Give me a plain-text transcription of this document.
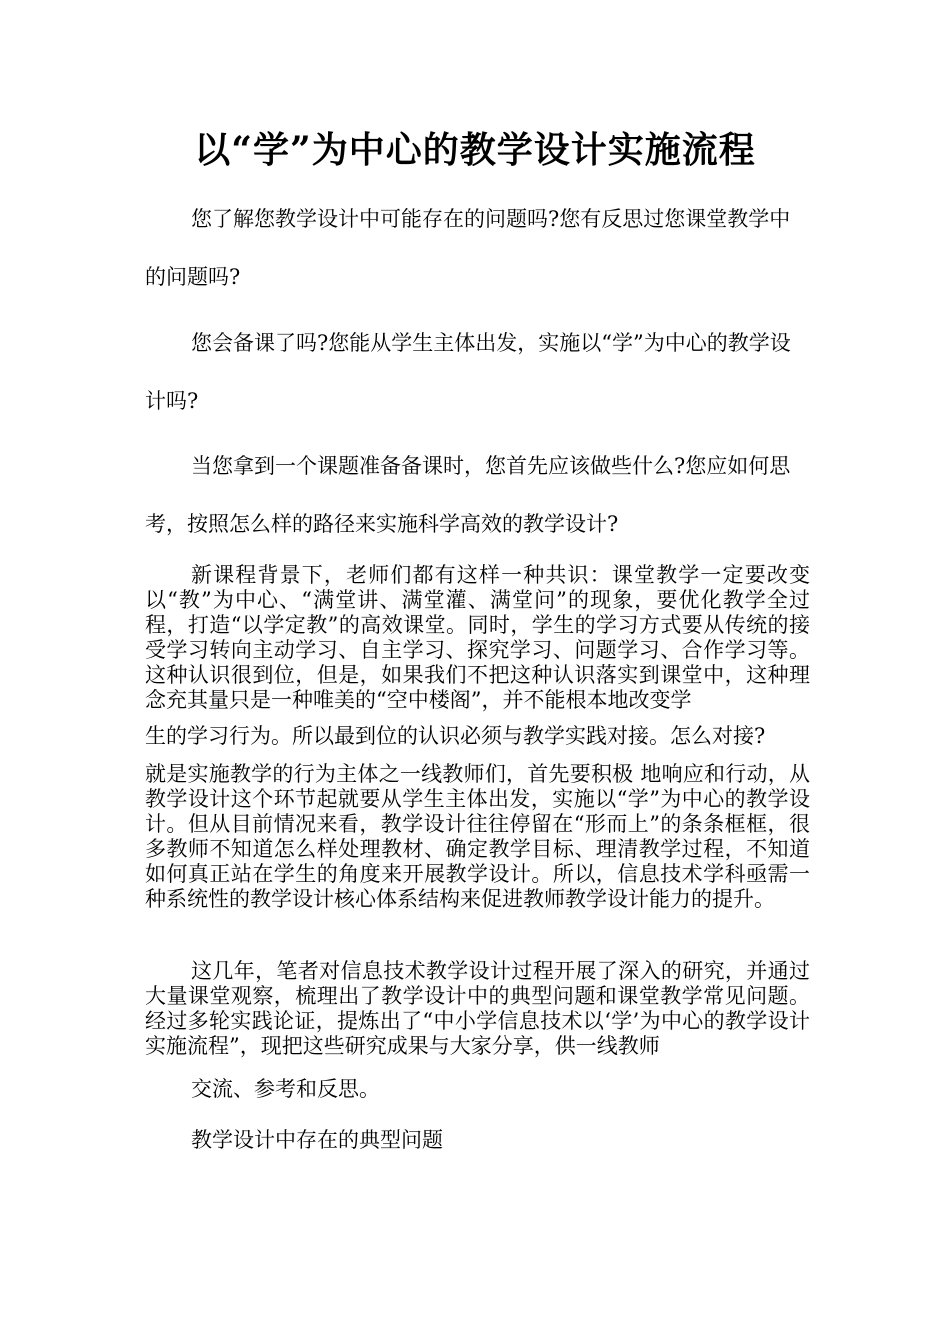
以“学”为中心的教学设计实施流程
您了解您教学设计中可能存在的问题吗?您有反思过您课堂教学中的问题吗?
您会备课了吗?您能从学生主体出发，实施以“学”为中心的教学设计吗?
当您拿到一个课题准备备课时，您首先应该做些什么?您应如何思考，按照怎么样的路径来实施科学高效的教学设计?
新课程背景下，老师们都有这样一种共识：课堂教学一定要改变以“教”为中心、“满堂讲、满堂灌、满堂问”的现象，要优化教学全过程，打造“以学定教”的高效课堂。同时，学生的学习方式要从传统的接受学习转向主动学习、自主学习、探究学习、问题学习、合作学习等。这种认识很到位，但是，如果我们不把这种认识落实到课堂中，这种理念充其量只是一种唯美的“空中楼阁”，并不能根本地改变学
生的学习行为。所以最到位的认识必须与教学实践对接。怎么对接?
就是实施教学的行为主体之一线教师们，首先要积极 地响应和行动，从教学设计这个环节起就要从学生主体出发，实施以“学”为中心的教学设计。但从目前情况来看，教学设计往往停留在“形而上”的条条框框，很多教师不知道怎么样处理教材、确定教学目标、理清教学过程，不知道如何真正站在学生的角度来开展教学设计。所以，信息技术学科亟需一种系统性的教学设计核心体系结构来促进教师教学设计能力的提升。
这几年，笔者对信息技术教学设计过程开展了深入的研究，并通过大量课堂观察，梳理出了教学设计中的典型问题和课堂教学常见问题。经过多轮实践论证，提炼出了“中小学信息技术以‘学’为中心的教学设计实施流程”，现把这些研究成果与大家分享，供一线教师
交流、参考和反思。
教学设计中存在的典型问题
